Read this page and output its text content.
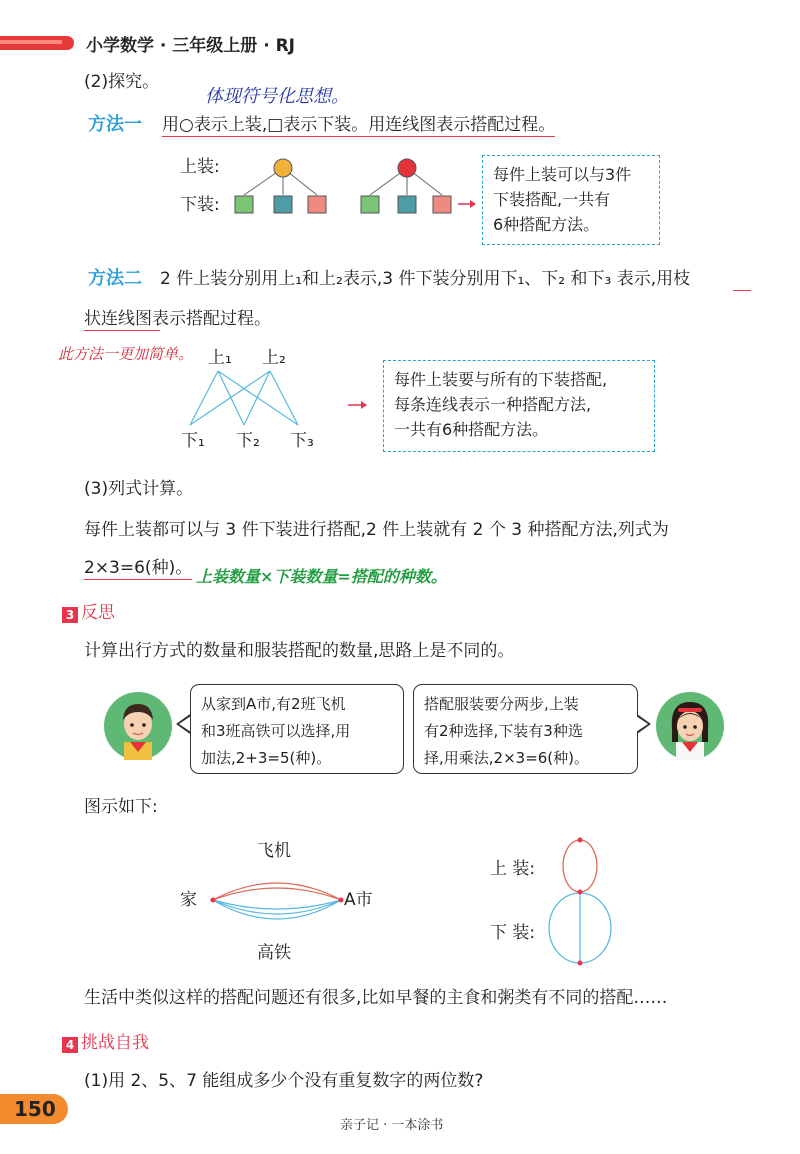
小学数学 · 三年级上册 · RJ
(2)探究。
体现符号化思想。
方法一 用○表示上装,□表示下装。用连线图表示搭配过程。
上装:
下装:
每件上装可以与3件
下装搭配,一共有
6种搭配方法。
方法二 2 件上装分别用上₁和上₂表示,3 件下装分别用下₁、下₂ 和下₃ 表示,用枝
状连线图表示搭配过程。
此方法一更加简单。 上₁ 上₂
下₁ 下₂ 下₃
每件上装要与所有的下装搭配,
每条连线表示一种搭配方法,
一共有6种搭配方法。
(3)列式计算。
每件上装都可以与 3 件下装进行搭配,2 件上装就有 2 个 3 种搭配方法,列式为
2×3=6(种)。 上装数量×下装数量=搭配的种数。
3 反思
计算出行方式的数量和服装搭配的数量,思路上是不同的。
从家到A市,有2班飞机
和3班高铁可以选择,用
加法,2+3=5(种)。
搭配服装要分两步,上装
有2种选择,下装有3种选
择,用乘法,2×3=6(种)。
图示如下:
飞机
家	A市
高铁
上 装:
下 装:
生活中类似这样的搭配问题还有很多,比如早餐的主食和粥类有不同的搭配……
4 挑战自我
(1)用 2、5、7 能组成多少个没有重复数字的两位数?
150
亲子记 · 一本涂书
